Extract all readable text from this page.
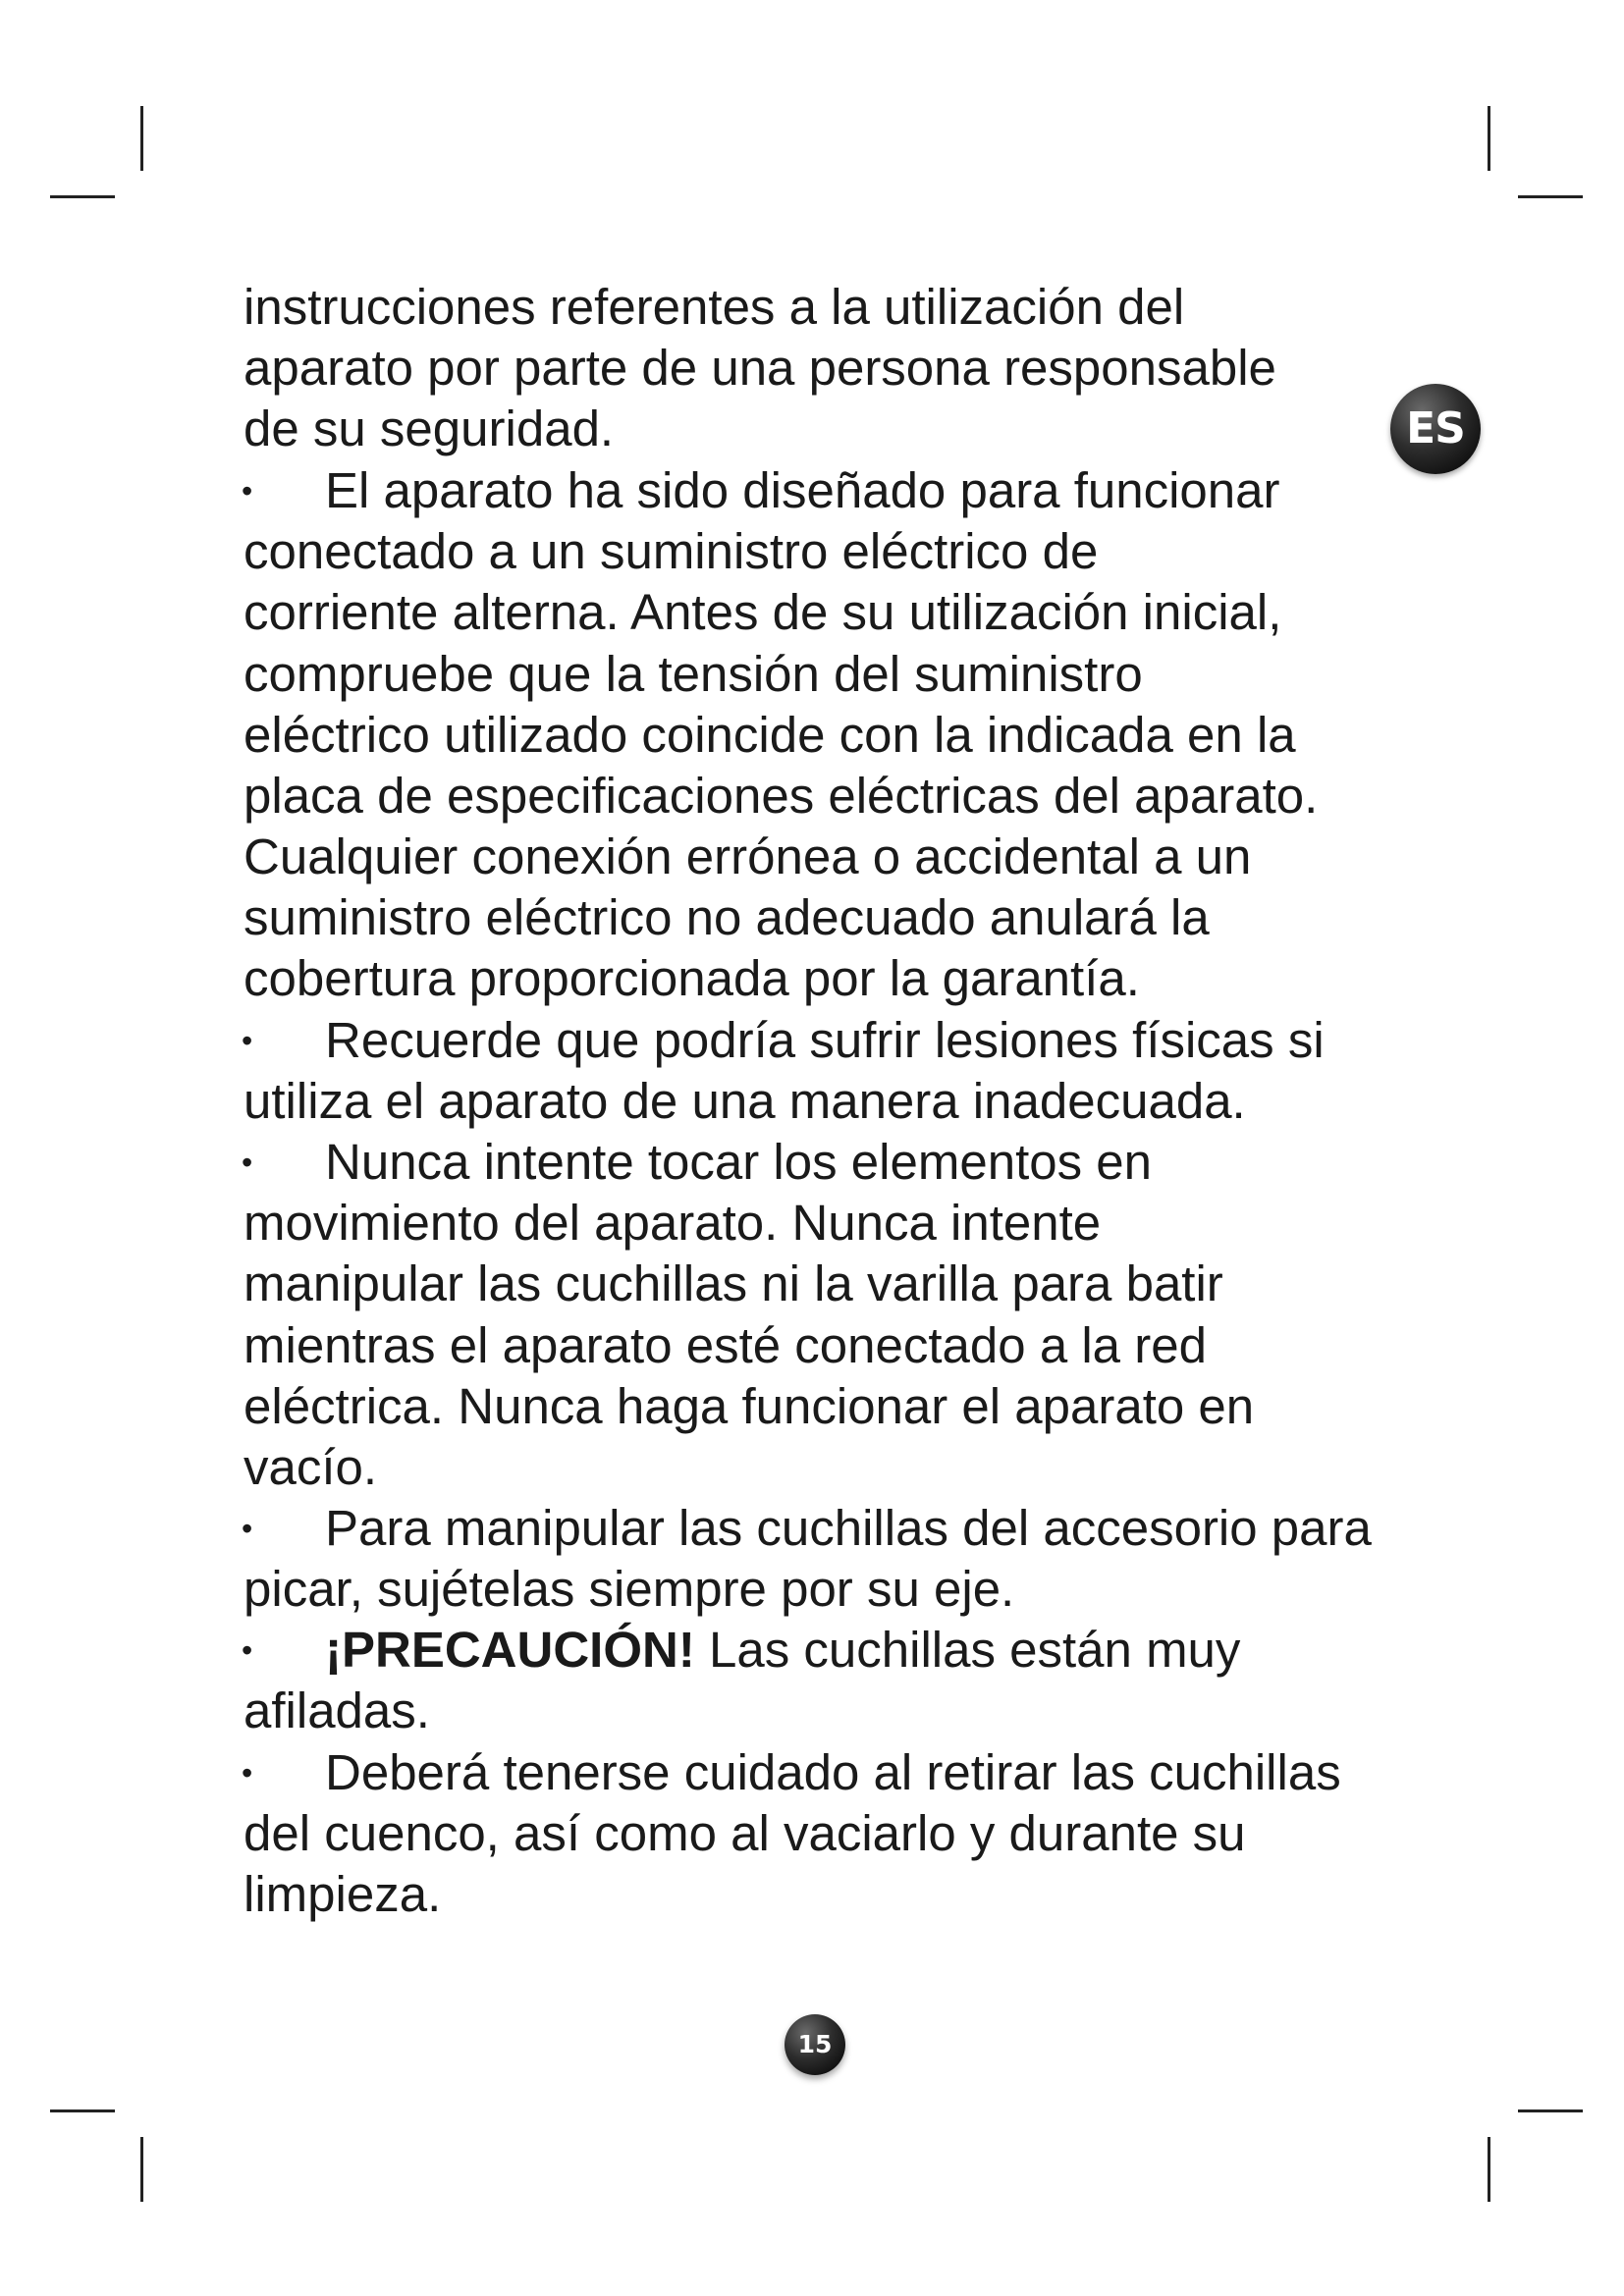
ES
instrucciones referentes a la utilización del
aparato por parte de una persona responsable
de su seguridad.
• El aparato ha sido diseñado para funcionar
conectado a un suministro eléctrico de
corriente alterna. Antes de su utilización inicial,
compruebe que la tensión del suministro
eléctrico utilizado coincide con la indicada en la
placa de especificaciones eléctricas del aparato.
Cualquier conexión errónea o accidental a un
suministro eléctrico no adecuado anulará la
cobertura proporcionada por la garantía.
• Recuerde que podría sufrir lesiones físicas si
utiliza el aparato de una manera inadecuada.
• Nunca intente tocar los elementos en
movimiento del aparato. Nunca intente
manipular las cuchillas ni la varilla para batir
mientras el aparato esté conectado a la red
eléctrica. Nunca haga funcionar el aparato en
vacío.
• Para manipular las cuchillas del accesorio para
picar, sujételas siempre por su eje.
• ¡PRECAUCIÓN! Las cuchillas están muy
afiladas.
• Deberá tenerse cuidado al retirar las cuchillas
del cuenco, así como al vaciarlo y durante su
limpieza.
15
